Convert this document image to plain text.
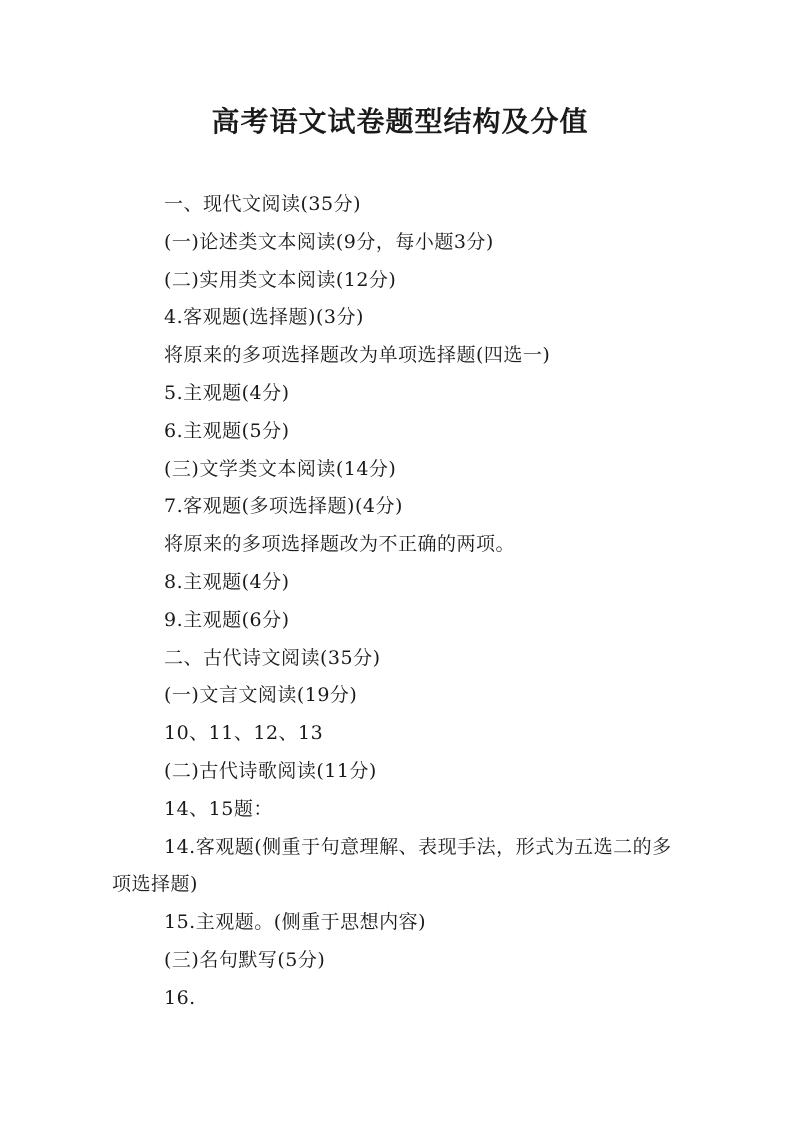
高考语文试卷题型结构及分值

一、现代文阅读(35分)

(一)论述类文本阅读(9分，每小题3分)

(二)实用类文本阅读(12分)

4.客观题(选择题)(3分)

将原来的多项选择题改为单项选择题(四选一)

5.主观题(4分)

6.主观题(5分)

(三)文学类文本阅读(14分)

7.客观题(多项选择题)(4分)

将原来的多项选择题改为不正确的两项。

8.主观题(4分)

9.主观题(6分)

二、古代诗文阅读(35分)

(一)文言文阅读(19分)

10、11、12、13

(二)古代诗歌阅读(11分)

14、15题：

14.客观题(侧重于句意理解、表现手法，形式为五选二的多项选择题)

15.主观题。(侧重于思想内容)

(三)名句默写(5分)

16.
